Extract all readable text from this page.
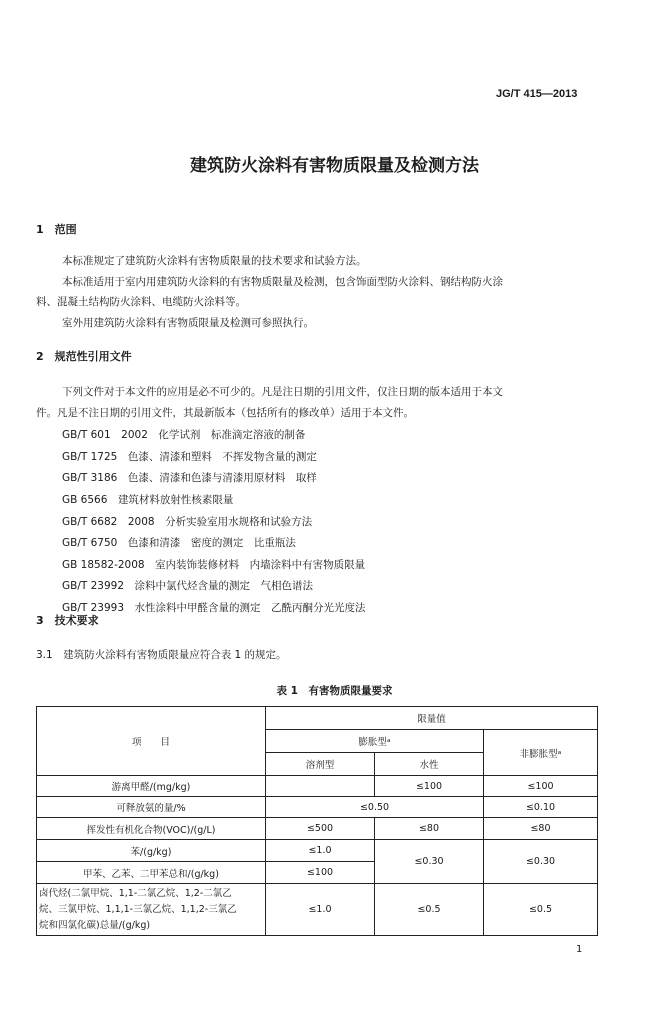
JG/T 415—2013
建筑防火涂料有害物质限量及检测方法
1　范围
本标准规定了建筑防火涂料有害物质限量的技术要求和试验方法。
本标准适用于室内用建筑防火涂料的有害物质限量及检测，包含饰面型防火涂料、钢结构防火涂
料、混凝土结构防火涂料、电缆防火涂料等。
室外用建筑防火涂料有害物质限量及检测可参照执行。
2　规范性引用文件
下列文件对于本文件的应用是必不可少的。凡是注日期的引用文件，仅注日期的版本适用于本文
件。凡是不注日期的引用文件，其最新版本（包括所有的修改单）适用于本文件。
GB/T 601　2002　化学试剂　标准滴定溶液的制备
GB/T 1725　色漆、清漆和塑料　不挥发物含量的测定
GB/T 3186　色漆、清漆和色漆与清漆用原材料　取样
GB 6566　建筑材料放射性核素限量
GB/T 6682　2008　分析实验室用水规格和试验方法
GB/T 6750　色漆和清漆　密度的测定　比重瓶法
GB 18582-2008　室内装饰装修材料　内墙涂料中有害物质限量
GB/T 23992　涂料中氯代烃含量的测定　气相色谱法
GB/T 23993　水性涂料中甲醛含量的测定　乙酰丙酮分光光度法
3　技术要求
3.1　建筑防火涂料有害物质限量应符合表 1 的规定。
表 1　有害物质限量要求
项　　目	限量值		
	膨胀型ᵃ		非膨胀型ᵃ
	溶剂型	水性	
游离甲醛/(mg/kg)		≤100	≤100
可释放氨的量/%	≤0.50		≤0.10
挥发性有机化合物(VOC)/(g/L)	≤500	≤80	≤80
苯/(g/kg)	≤1.0	≤0.30	≤0.30
甲苯、乙苯、二甲苯总和/(g/kg)	≤100		

卤代烃(二氯甲烷、1,1-二氯乙烷、1,2-二氯乙
烷、三氯甲烷、1,1,1-三氯乙烷、1,1,2-三氯乙
烷和四氯化碳)总量/(g/kg)	≤1.0	≤0.5	≤0.5
1
